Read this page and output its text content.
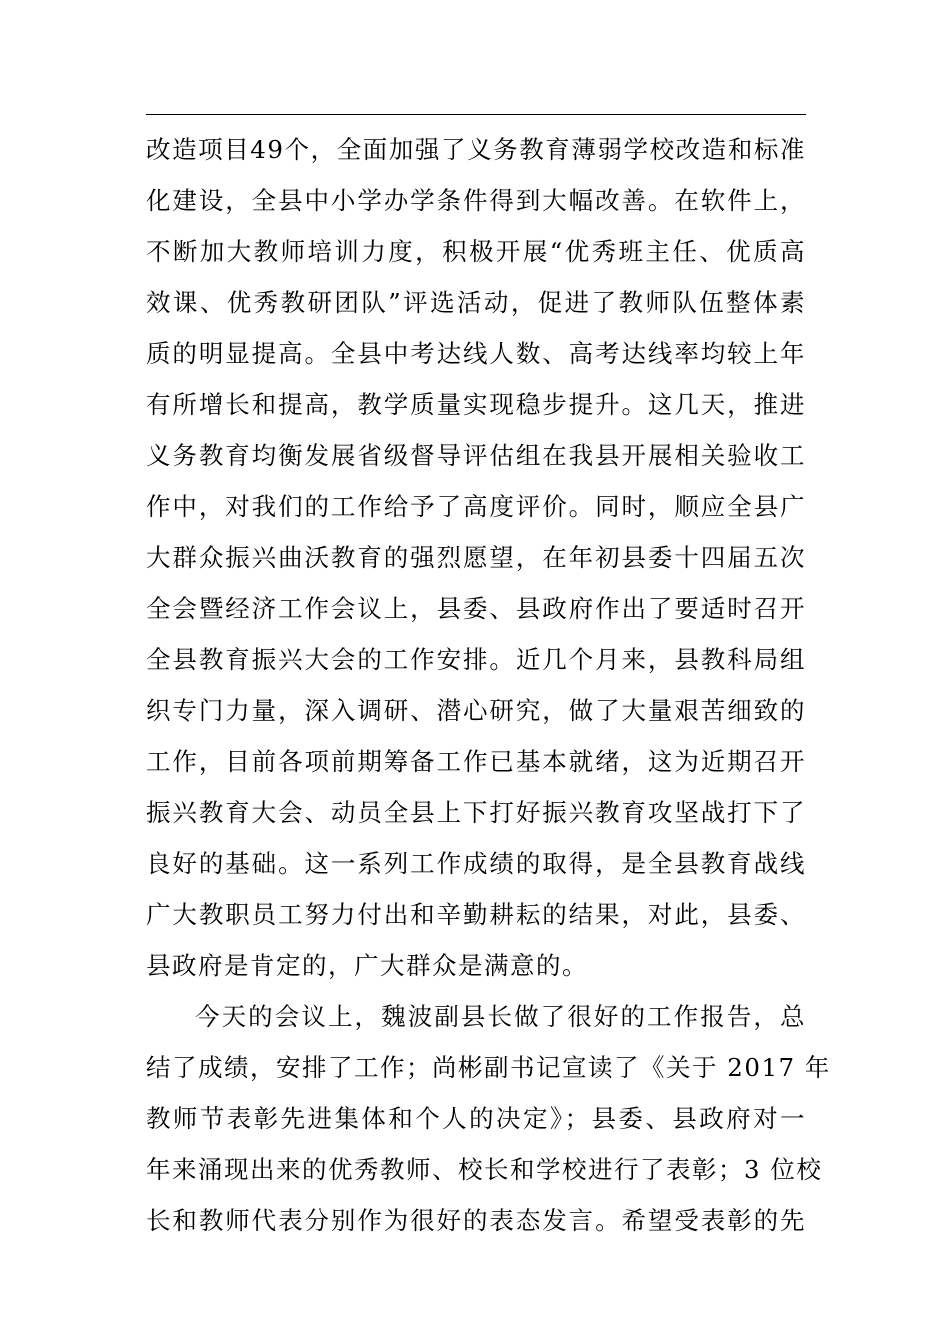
改造项目49个，全面加强了义务教育薄弱学校改造和标准
化建设，全县中小学办学条件得到大幅改善。在软件上，
不断加大教师培训力度，积极开展“优秀班主任、优质高
效课、优秀教研团队”评选活动，促进了教师队伍整体素
质的明显提高。全县中考达线人数、高考达线率均较上年
有所增长和提高，教学质量实现稳步提升。这几天，推进
义务教育均衡发展省级督导评估组在我县开展相关验收工
作中，对我们的工作给予了高度评价。同时，顺应全县广
大群众振兴曲沃教育的强烈愿望，在年初县委十四届五次
全会暨经济工作会议上，县委、县政府作出了要适时召开
全县教育振兴大会的工作安排。近几个月来，县教科局组
织专门力量，深入调研、潜心研究，做了大量艰苦细致的
工作，目前各项前期筹备工作已基本就绪，这为近期召开
振兴教育大会、动员全县上下打好振兴教育攻坚战打下了
良好的基础。这一系列工作成绩的取得，是全县教育战线
广大教职员工努力付出和辛勤耕耘的结果，对此，县委、
县政府是肯定的，广大群众是满意的。
今天的会议上，魏波副县长做了很好的工作报告，总
结了成绩，安排了工作；尚彬副书记宣读了《关于 2017 年
教师节表彰先进集体和个人的决定》；县委、县政府对一
年来涌现出来的优秀教师、校长和学校进行了表彰；3 位校
长和教师代表分别作为很好的表态发言。希望受表彰的先
